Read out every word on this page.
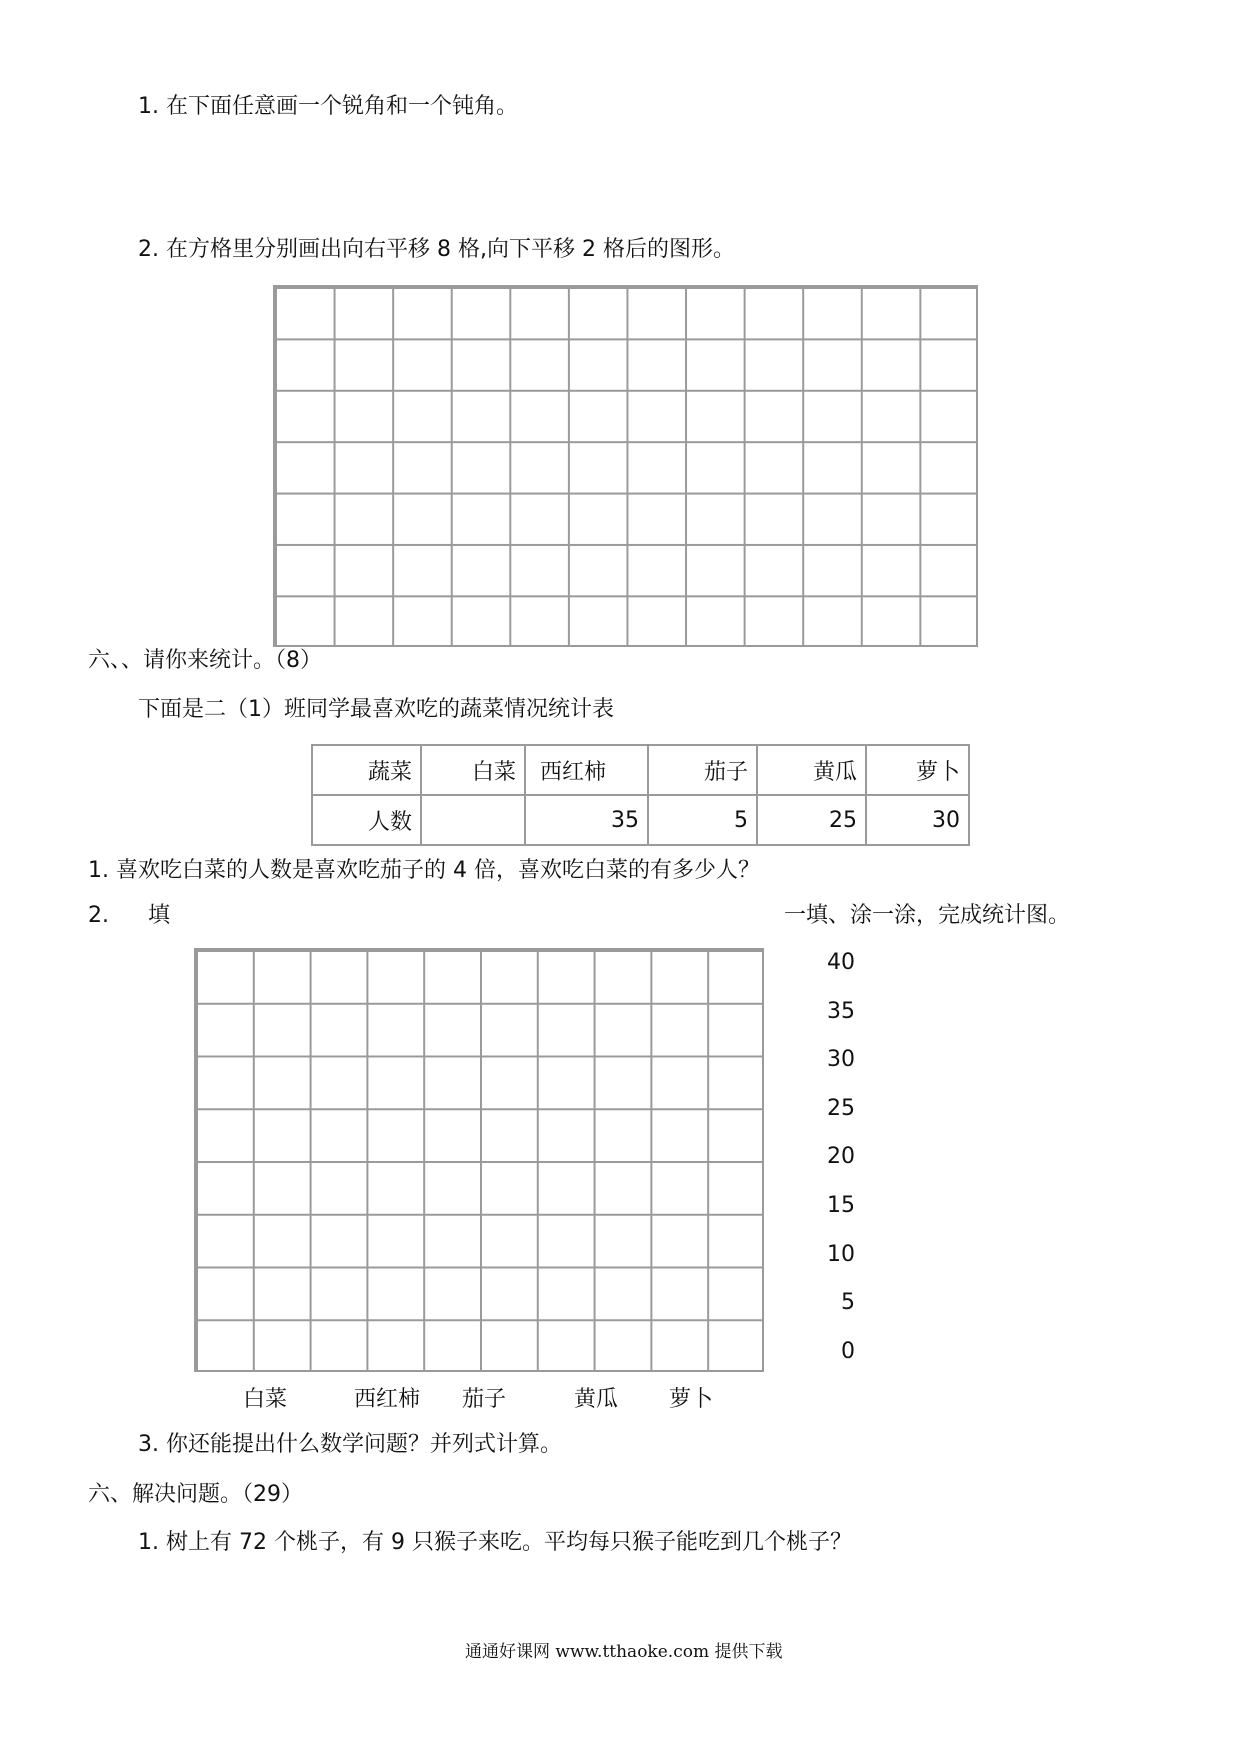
1. 在下面任意画一个锐角和一个钝角。
2. 在方格里分别画出向右平移 8 格,向下平移 2 格后的图形。
六、、请你来统计。（8）
下面是二（1）班同学最喜欢吃的蔬菜情况统计表
蔬菜	白菜	西红柿	茄子	黄瓜	萝卜
人数		35	5	25	30
1. 喜欢吃白菜的人数是喜欢吃茄子的 4 倍，喜欢吃白菜的有多少人？
2. 填	一填、涂一涂，完成统计图。
40
35
30
25
20
15
10
5
0
白菜	西红柿 茄子	黄瓜 萝卜
3. 你还能提出什么数学问题？并列式计算。
六、解决问题。（29）
1. 树上有 72 个桃子，有 9 只猴子来吃。平均每只猴子能吃到几个桃子？
通通好课网 www.tthaoke.com 提供下载
